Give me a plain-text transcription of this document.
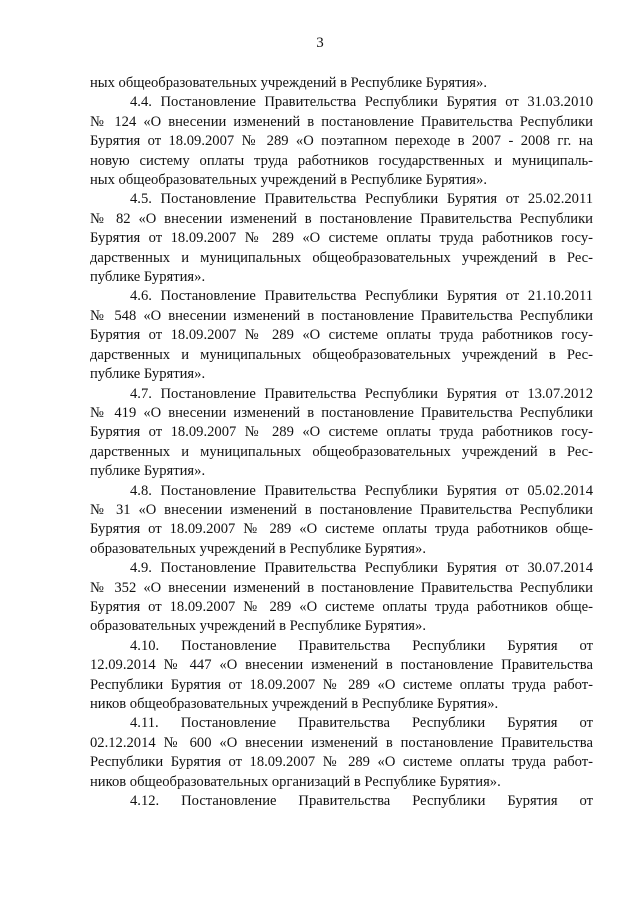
3

ных общеобразовательных учреждений в Республике Бурятия».

4.4. Постановление Правительства Республики Бурятия от 31.03.2010
№ 124 «О внесении изменений в постановление Правительства Республики
Бурятия от 18.09.2007 № 289 «О поэтапном переходе в 2007 - 2008 гг. на
новую систему оплаты труда работников государственных и муниципаль-
ных общеобразовательных учреждений в Республике Бурятия».

4.5. Постановление Правительства Республики Бурятия от 25.02.2011
№ 82 «О внесении изменений в постановление Правительства Республики
Бурятия от 18.09.2007 № 289 «О системе оплаты труда работников госу-
дарственных и муниципальных общеобразовательных учреждений в Рес-
публике Бурятия».

4.6. Постановление Правительства Республики Бурятия от 21.10.2011
№ 548 «О внесении изменений в постановление Правительства Республики
Бурятия от 18.09.2007 № 289 «О системе оплаты труда работников госу-
дарственных и муниципальных общеобразовательных учреждений в Рес-
публике Бурятия».

4.7. Постановление Правительства Республики Бурятия от 13.07.2012
№ 419 «О внесении изменений в постановление Правительства Республики
Бурятия от 18.09.2007 № 289 «О системе оплаты труда работников госу-
дарственных и муниципальных общеобразовательных учреждений в Рес-
публике Бурятия».

4.8. Постановление Правительства Республики Бурятия от 05.02.2014
№ 31 «О внесении изменений в постановление Правительства Республики
Бурятия от 18.09.2007 № 289 «О системе оплаты труда работников обще-
образовательных учреждений в Республике Бурятия».

4.9. Постановление Правительства Республики Бурятия от 30.07.2014
№ 352 «О внесении изменений в постановление Правительства Республики
Бурятия от 18.09.2007 № 289 «О системе оплаты труда работников обще-
образовательных учреждений в Республике Бурятия».

4.10. Постановление Правительства Республики Бурятия от
12.09.2014 № 447 «О внесении изменений в постановление Правительства
Республики Бурятия от 18.09.2007 № 289 «О системе оплаты труда работ-
ников общеобразовательных учреждений в Республике Бурятия».

4.11. Постановление Правительства Республики Бурятия от
02.12.2014 № 600 «О внесении изменений в постановление Правительства
Республики Бурятия от 18.09.2007 № 289 «О системе оплаты труда работ-
ников общеобразовательных организаций в Республике Бурятия».

4.12. Постановление Правительства Республики Бурятия от
